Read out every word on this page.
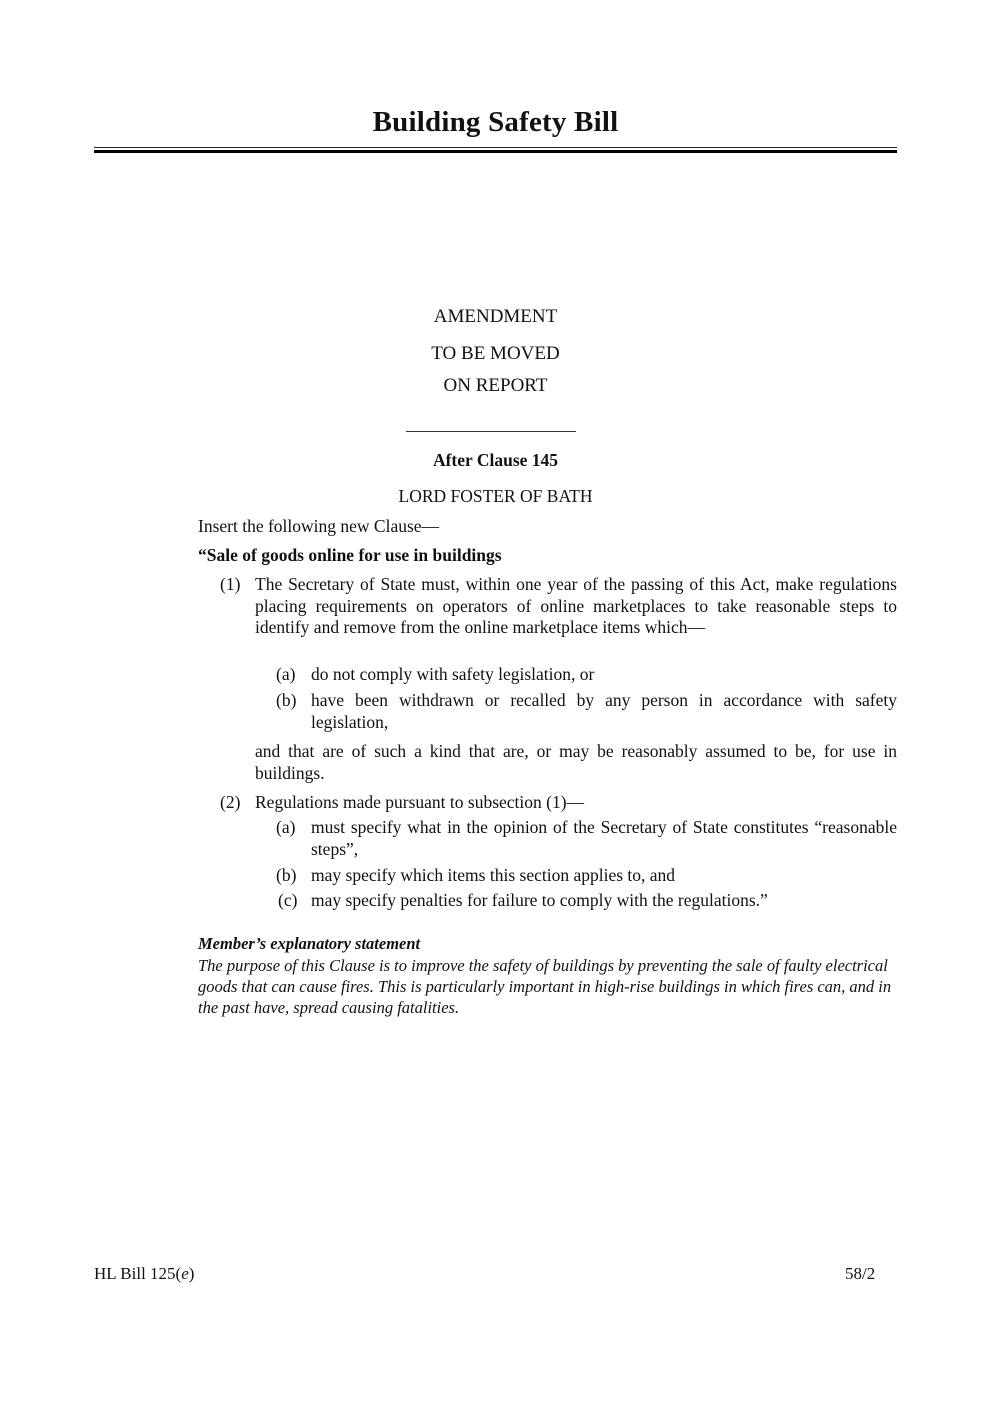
Building Safety Bill
AMENDMENT
TO BE MOVED
ON REPORT
After Clause 145
LORD FOSTER OF BATH
Insert the following new Clause—
“Sale of goods online for use in buildings
(1) The Secretary of State must, within one year of the passing of this Act, make regulations placing requirements on operators of online marketplaces to take reasonable steps to identify and remove from the online marketplace items which—
(a) do not comply with safety legislation, or
(b) have been withdrawn or recalled by any person in accordance with safety legislation,
and that are of such a kind that are, or may be reasonably assumed to be, for use in buildings.
(2) Regulations made pursuant to subsection (1)—
(a) must specify what in the opinion of the Secretary of State constitutes “reasonable steps”,
(b) may specify which items this section applies to, and
(c) may specify penalties for failure to comply with the regulations.”
Member’s explanatory statement
The purpose of this Clause is to improve the safety of buildings by preventing the sale of faulty electrical goods that can cause fires. This is particularly important in high-rise buildings in which fires can, and in the past have, spread causing fatalities.
HL Bill 125(e)	58/2
